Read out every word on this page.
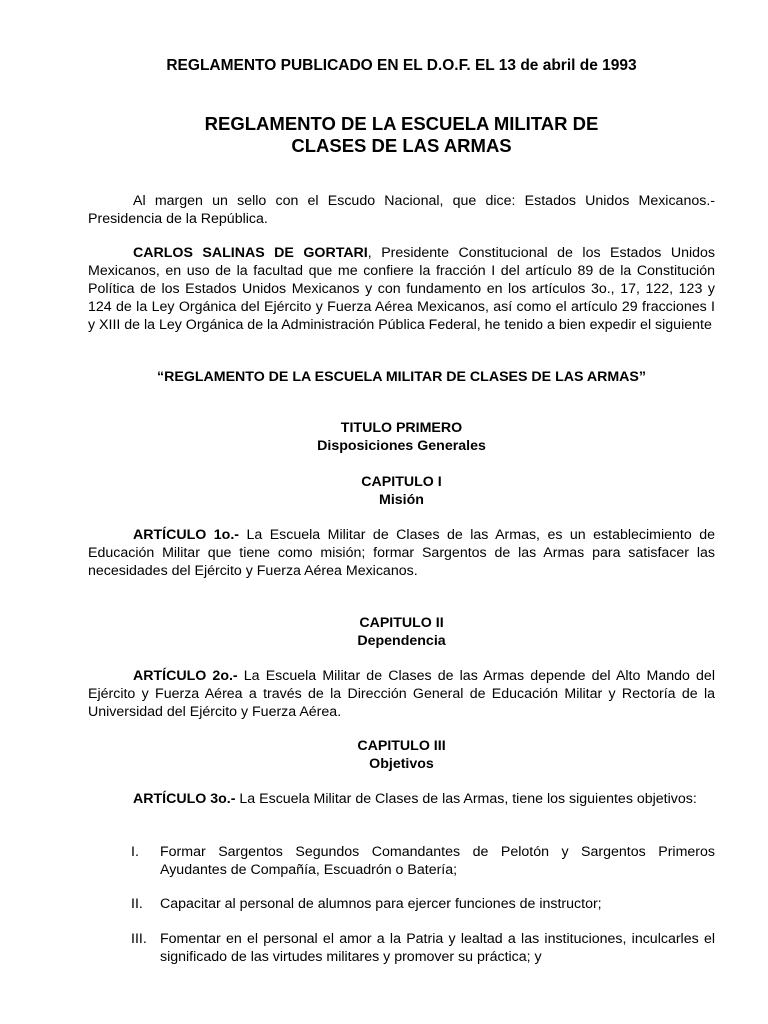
REGLAMENTO PUBLICADO EN EL D.O.F. EL 13 de abril de 1993
REGLAMENTO DE LA ESCUELA MILITAR DE
CLASES DE LAS ARMAS
Al margen un sello con el Escudo Nacional, que dice: Estados Unidos Mexicanos.- Presidencia de la República.
CARLOS SALINAS DE GORTARI, Presidente Constitucional de los Estados Unidos Mexicanos, en uso de la facultad que me confiere la fracción I del artículo 89 de la Constitución Política de los Estados Unidos Mexicanos y con fundamento en los artículos 3o., 17, 122, 123 y 124 de la Ley Orgánica del Ejército y Fuerza Aérea Mexicanos, así como el artículo 29 fracciones I y XIII de la Ley Orgánica de la Administración Pública Federal, he tenido a bien expedir el siguiente
“REGLAMENTO DE LA ESCUELA MILITAR DE CLASES DE LAS ARMAS”
TITULO PRIMERO
Disposiciones Generales
CAPITULO I
Misión
ARTÍCULO 1o.- La Escuela Militar de Clases de las Armas, es un establecimiento de Educación Militar que tiene como misión; formar Sargentos de las Armas para satisfacer las necesidades del Ejército y Fuerza Aérea Mexicanos.
CAPITULO II
Dependencia
ARTÍCULO 2o.- La Escuela Militar de Clases de las Armas depende del Alto Mando del Ejército y Fuerza Aérea a través de la Dirección General de Educación Militar y Rectoría de la Universidad del Ejército y Fuerza Aérea.
CAPITULO III
Objetivos
ARTÍCULO 3o.- La Escuela Militar de Clases de las Armas, tiene los siguientes objetivos:
I.	Formar Sargentos Segundos Comandantes de Pelotón y Sargentos Primeros Ayudantes de Compañía, Escuadrón o Batería;
II.	Capacitar al personal de alumnos para ejercer funciones de instructor;
III. Fomentar en el personal el amor a la Patria y lealtad a las instituciones, inculcarles el significado de las virtudes militares y promover su práctica; y
